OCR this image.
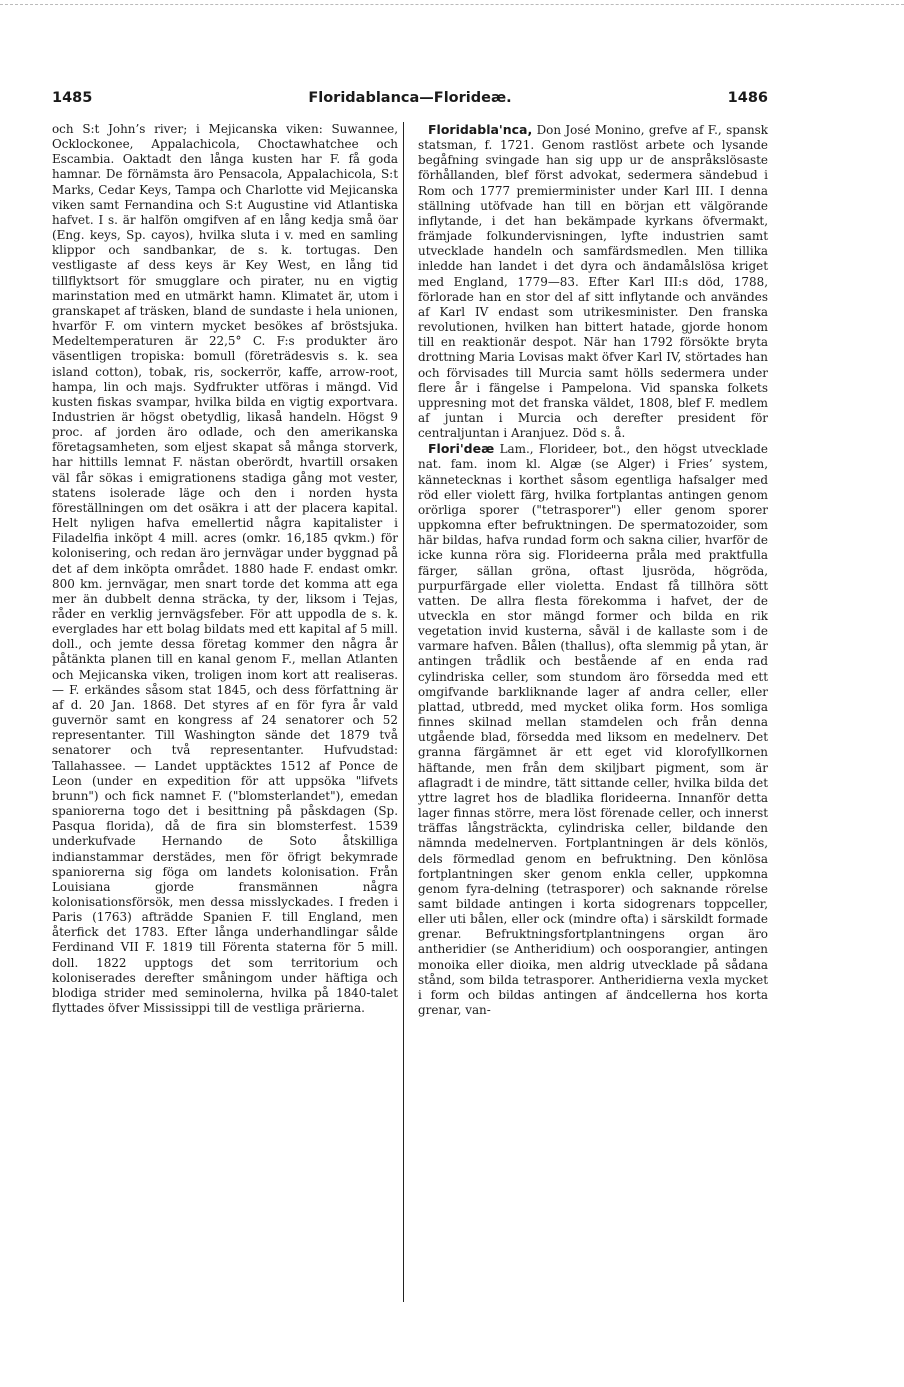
1485	Floridablanca—Florideæ.	1486

och S:t John’s river; i Mejicanska viken: Suwannee, Ocklockonee, Appalachicola, Choctawhatchee och Escambia. Oaktadt den långa kusten har F. få goda hamnar. De förnämsta äro Pensacola, Appalachicola, S:t Marks, Cedar Keys, Tampa och Charlotte vid Mejicanska viken samt Fernandina och S:t Augustine vid Atlantiska hafvet. I s. är halfön omgifven af en lång kedja små öar (Eng. keys, Sp. cayos), hvilka sluta i v. med en samling klippor och sandbankar, de s. k. tortugas. Den vestligaste af dess keys är Key West, en lång tid tillflyktsort för smugglare och pirater, nu en vigtig marinstation med en utmärkt hamn. Klimatet är, utom i granskapet af träsken, bland de sundaste i hela unionen, hvarför F. om vintern mycket besökes af bröstsjuka. Medeltemperaturen är 22,5° C. F:s produkter äro väsentligen tropiska: bomull (företrädesvis s. k. sea island cotton), tobak, ris, sockerrör, kaffe, arrow-root, hampa, lin och majs. Sydfrukter utföras i mängd. Vid kusten fiskas svampar, hvilka bilda en vigtig exportvara. Industrien är högst obetydlig, likaså handeln. Högst 9 proc. af jorden äro odlade, och den amerikanska företagsamheten, som eljest skapat så många storverk, har hittills lemnat F. nästan oberördt, hvartill orsaken väl får sökas i emigrationens stadiga gång mot vester, statens isolerade läge och den i norden hysta föreställningen om det osäkra i att der placera kapital. Helt nyligen hafva emellertid några kapitalister i Filadelfia inköpt 4 mill. acres (omkr. 16,185 qvkm.) för kolonisering, och redan äro jernvägar under byggnad på det af dem inköpta området. 1880 hade F. endast omkr. 800 km. jernvägar, men snart torde det komma att ega mer än dubbelt denna sträcka, ty der, liksom i Tejas, råder en verklig jernvägsfeber. För att uppodla de s. k. everglades har ett bolag bildats med ett kapital af 5 mill. doll., och jemte dessa företag kommer den några år påtänkta planen till en kanal genom F., mellan Atlanten och Mejicanska viken, troligen inom kort att realiseras. — F. erkändes såsom stat 1845, och dess författning är af d. 20 Jan. 1868. Det styres af en för fyra år vald guvernör samt en kongress af 24 senatorer och 52 representanter. Till Washington sände det 1879 två senatorer och två representanter. Hufvudstad: Tallahassee. — Landet upptäcktes 1512 af Ponce de Leon (under en expedition för att uppsöka "lifvets brunn") och fick namnet F. ("blomsterlandet"), emedan spaniorerna togo det i besittning på påskdagen (Sp. Pasqua florida), då de fira sin blomsterfest. 1539 underkufvade Hernando de Soto åtskilliga indianstammar derstädes, men för öfrigt bekymrade spaniorerna sig föga om landets kolonisation. Från Louisiana gjorde fransmännen några kolonisationsförsök, men dessa misslyckades. I freden i Paris (1763) afträdde Spanien F. till England, men återfick det 1783. Efter långa underhandlingar sålde Ferdinand VII F. 1819 till Förenta staterna för 5 mill. doll. 1822 upptogs det som territorium och koloniserades derefter småningom under häftiga och blodiga strider med seminolerna, hvilka på 1840-talet flyttades öfver Mississippi till de vestliga prärierna.

Floridabla'nca, Don José Monino, grefve af F., spansk statsman, f. 1721. Genom rastlöst arbete och lysande begåfning svingade han sig upp ur de anspråkslösaste förhållanden, blef först advokat, sedermera sändebud i Rom och 1777 premierminister under Karl III. I denna ställning utöfvade han till en början ett välgörande inflytande, i det han bekämpade kyrkans öfvermakt, främjade folkundervisningen, lyfte industrien samt utvecklade handeln och samfärdsmedlen. Men tillika inledde han landet i det dyra och ändamålslösa kriget med England, 1779—83. Efter Karl III:s död, 1788, förlorade han en stor del af sitt inflytande och användes af Karl IV endast som utrikesminister. Den franska revolutionen, hvilken han bittert hatade, gjorde honom till en reaktionär despot. När han 1792 försökte bryta drottning Maria Lovisas makt öfver Karl IV, störtades han och förvisades till Murcia samt hölls sedermera under flere år i fängelse i Pampelona. Vid spanska folkets uppresning mot det franska väldet, 1808, blef F. medlem af juntan i Murcia och derefter president för centraljuntan i Aranjuez. Död s. å.

Flori'deæ Lam., Florideer, bot., den högst utvecklade nat. fam. inom kl. Algæ (se Alger) i Fries’ system, kännetecknas i korthet såsom egentliga hafsalger med röd eller violett färg, hvilka fortplantas antingen genom orörliga sporer ("tetrasporer") eller genom sporer uppkomna efter befruktningen. De spermatozoider, som här bildas, hafva rundad form och sakna cilier, hvarför de icke kunna röra sig. Florideerna pråla med praktfulla färger, sällan gröna, oftast ljusröda, högröda, purpurfärgade eller violetta. Endast få tillhöra sött vatten. De allra flesta förekomma i hafvet, der de utveckla en stor mängd former och bilda en rik vegetation invid kusterna, såväl i de kallaste som i de varmare hafven. Bålen (thallus), ofta slemmig på ytan, är antingen trådlik och bestående af en enda rad cylindriska celler, som stundom äro försedda med ett omgifvande barkliknande lager af andra celler, eller plattad, utbredd, med mycket olika form. Hos somliga finnes skilnad mellan stamdelen och från denna utgående blad, försedda med liksom en medelnerv. Det granna färgämnet är ett eget vid klorofyllkornen häftande, men från dem skiljbart pigment, som är aflagradt i de mindre, tätt sittande celler, hvilka bilda det yttre lagret hos de bladlika florideerna. Innanför detta lager finnas större, mera löst förenade celler, och innerst träffas långsträckta, cylindriska celler, bildande den nämnda medelnerven. Fortplantningen är dels könlös, dels förmedlad genom en befruktning. Den könlösa fortplantningen sker genom enkla celler, uppkomna genom fyra-delning (tetrasporer) och saknande rörelse samt bildade antingen i korta sidogrenars toppceller, eller uti bålen, eller ock (mindre ofta) i särskildt formade grenar. Befruktningsfortplantningens organ äro antheridier (se Antheridium) och oosporangier, antingen monoika eller dioika, men aldrig utvecklade på sådana stånd, som bilda tetrasporer. Antheridierna vexla mycket i form och bildas antingen af ändcellerna hos korta grenar, van-
